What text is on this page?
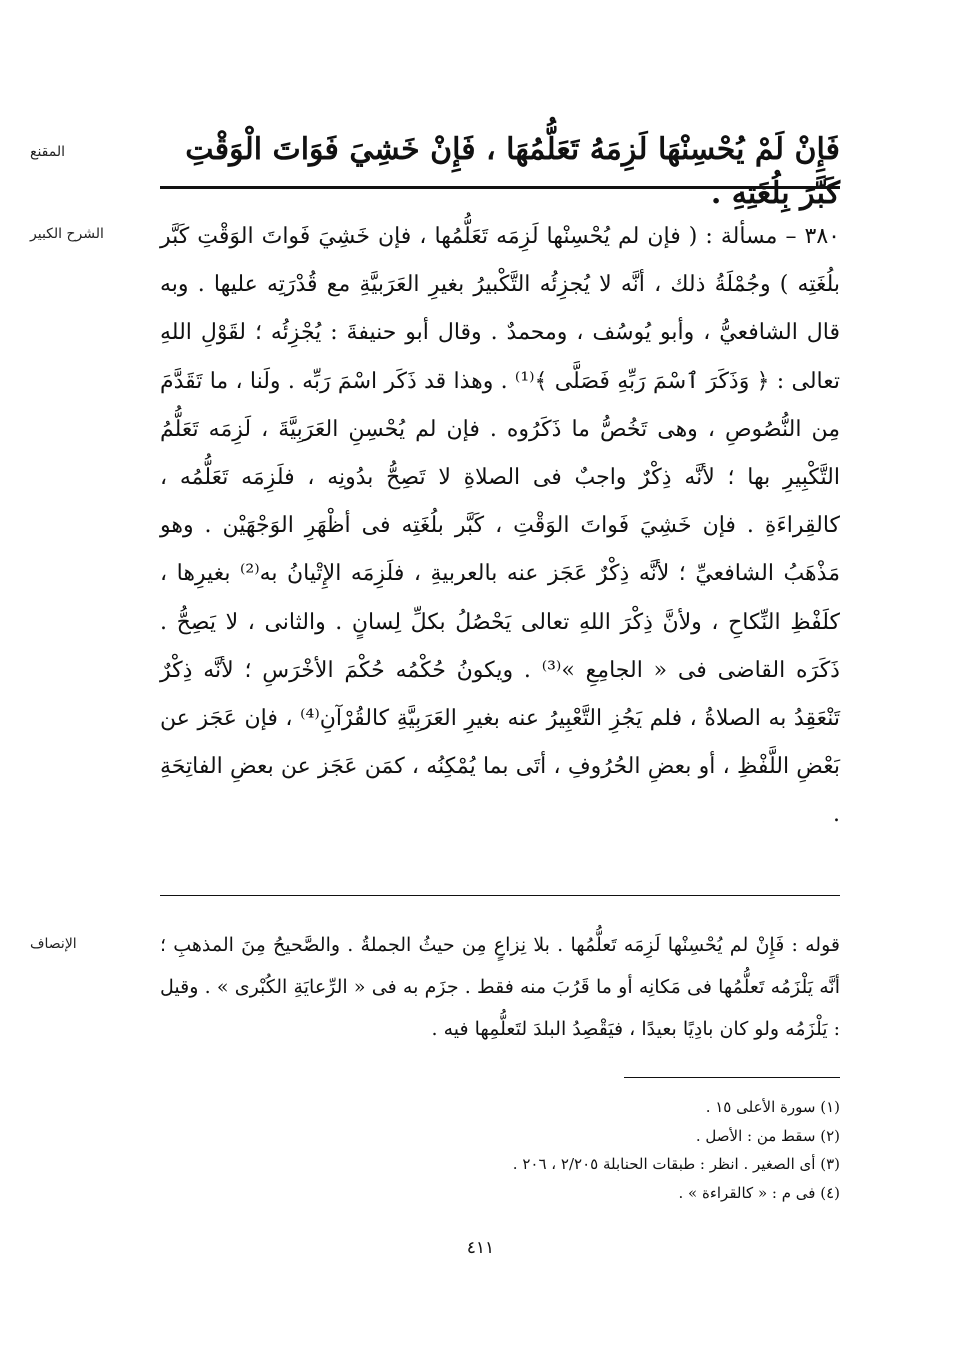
المقنع	فَإِنْ لَمْ يُحْسِنْهَا لَزِمَهُ تَعَلُّمُهَا ، فَإِنْ خَشِيَ فَوَاتَ الْوَقْتِ كَبَّرَ بِلُغَتِهِ .
الشرح الكبير	٣٨٠ – مسألة : ( فإن لم يُحْسِنْها لَزِمَه تَعَلُّمُها ، فإن خَشِيَ فَواتَ الوَقْتِ كَبَّر بلُغَتِه ) وجُمْلَةُ ذلك ، أنَّه لا يُجزِئُه التَّكْبيرُ بغيرِ العَرَبيَّةِ مع قُدْرَتِه عليها . وبه قال الشافعيُّ ، وأبو يُوسُف ، ومحمدٌ . وقال أبو حنيفةَ : يُجْزِئُه ؛ لقَوْلِ اللهِ تعالى : ﴿ وَذَكَرَ ٱسْمَ رَبِّهِ فَصَلَّى ﴾⁽¹⁾ . وهذا قد ذَكَر اسْمَ رَبِّه . ولَنا ، ما تَقَدَّمَ مِن النُّصُوصِ ، وهى تَخُصُّ ما ذَكَرُوه . فإن لم يُحْسِنِ العَرَبِيَّةَ ، لَزِمَه تَعَلُّمُ التَّكْبِيرِ بها ؛ لأنَّه ذِكْرٌ واجبٌ فى الصلاةِ لا تَصِحُّ بدُونِه ، فلَزِمَه تَعَلُّمُه ، كالقِراءَةِ . فإن خَشِيَ فَواتَ الوَقْتِ ، كَبَّر بلُغَتِه فى أظْهَرِ الوَجْهَيْن . وهو مَذْهَبُ الشافعيِّ ؛ لأنَّه ذِكْرٌ عَجَز عنه بالعربيةِ ، فلَزِمَه الإِتْيانُ به⁽²⁾ بغيرِها ، كلَفْظِ النِّكاحِ ، ولأنَّ ذِكْرَ اللهِ تعالى يَحْصُلُ بكلِّ لِسانٍ . والثانى ، لا يَصِحُّ . ذَكَرَه القاضى فى « الجامِعِ »⁽³⁾ . ويكونُ حُكْمُه حُكْمَ الأخْرَسِ ؛ لأنَّه ذِكْرٌ تَنْعَقِدُ به الصلاةُ ، فلم يَجُزِ التَّعْبِيرُ عنه بغيرِ العَرَبِيَّةِ كالقُرْآنِ⁽⁴⁾ ، فإن عَجَز عن بَعْضِ اللَّفْظِ ، أو بعضِ الحُرُوفِ ، أتَى بما يُمْكِنُه ، كمَن عَجَز عن بعضِ الفاتِحَةِ .
الإنصاف	قوله : فَإِنْ لم يُحْسِنْها لَزِمَه تَعلُّمُها . بلا نِزاعٍ مِن حيثُ الجملةُ . والصَّحيحُ مِنَ المذهبِ ؛ أنَّه يَلْزَمُه تَعلُّمُها فى مَكانِه أو ما قَرُبَ منه فقط . جزَم به فى « الرِّعايَةِ الكُبْرى » . وقيل : يَلْزَمُه ولو كان بادِيًا بعيدًا ، فيَقْصِدُ البلدَ لتَعلُّمِها فيه .
(١) سورة الأعلى ١٥ .
(٢) سقط من : الأصل .
(٣) أى الصغير . انظر : طبقات الحنابلة ٢/٢٠٥ ، ٢٠٦ .
(٤) فى م : « كالقراءة » .
٤١١
